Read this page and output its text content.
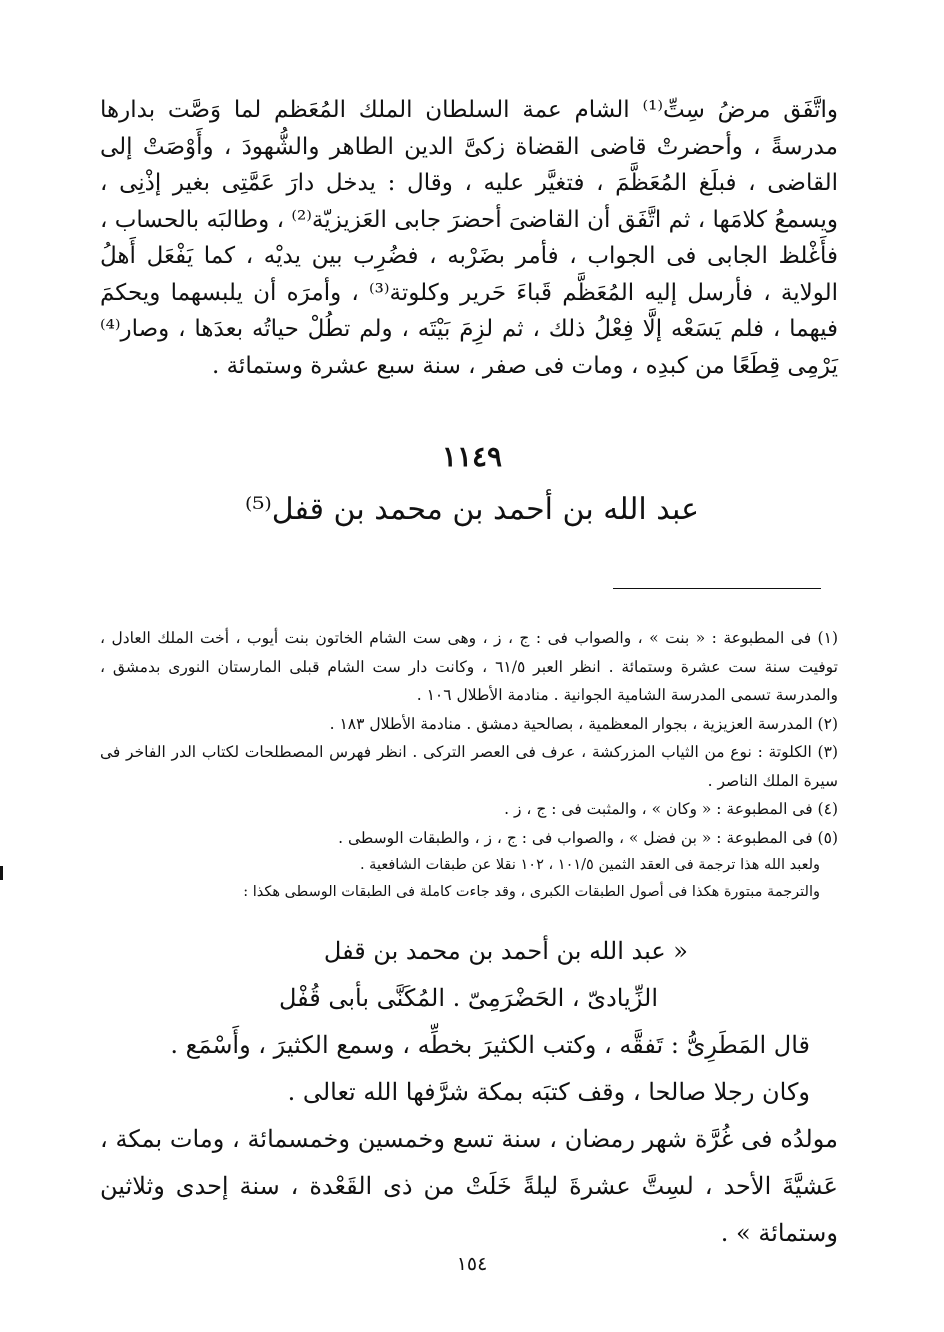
واتَّفَق مرضُ سِتِّ⁽¹⁾ الشام عمة السلطان الملك المُعَظم لما وَصَّت بدارها مدرسةً ، وأحضرتْ قاضى القضاة زكىَّ الدين الطاهر والشُّهودَ ، وأَوْصَتْ إلى القاضى ، فبلَغ المُعَظَّمَ ، فتغيَّر عليه ، وقال : يدخل دارَ عَمَّتِى بغير إذْنِى ، ويسمعُ كلامَها ، ثم اتَّفَق أن القاضىَ أحضرَ جابى العَزيزيّة⁽²⁾ ، وطالبَه بالحساب ، فأَغْلظ الجابى فى الجواب ، فأمر بضَرْبه ، فضُرِب بين يديْه ، كما يَفْعَل أَهلُ الولاية ، فأرسل إليه المُعَظَّم قَباءَ حَرير وكلوتة⁽³⁾ ، وأمرَه أن يلبسهما ويحكمَ فيهما ، فلم يَسَعْه إلَّا فِعْلُ ذلك ، ثم لزِمَ بَيْتَه ، ولم تطُلْ حياتُه بعدَها ، وصار⁽⁴⁾ يَرْمِى قِطَعًا من كبدِه ، ومات فى صفر ، سنة سبع عشرة وستمائة .

١١٤٩
عبد الله بن أحمد بن محمد بن قفل⁽⁵⁾

(١) فى المطبوعة : « بنت » ، والصواب فى : ج ، ز ، وهى ست الشام الخاتون بنت أيوب ، أخت الملك العادل ، توفيت سنة ست عشرة وستمائة . انظر العبر ٦١/٥ ، وكانت دار ست الشام قبلى المارستان النورى بدمشق ، والمدرسة تسمى المدرسة الشامية الجوانية . منادمة الأطلال ١٠٦ .

(٢) المدرسة العزيزية ، بجوار المعظمية ، بصالحية دمشق . منادمة الأطلال ١٨٣ .

(٣) الكلوتة : نوع من الثياب المزركشة ، عرف فى العصر التركى . انظر فهرس المصطلحات لكتاب الدر الفاخر فى سيرة الملك الناصر .

(٤) فى المطبوعة : « وكان » ، والمثبت فى : ج ، ز .

(٥) فى المطبوعة : « بن فضل » ، والصواب فى : ج ، ز ، والطبقات الوسطى .

ولعبد الله هذا ترجمة فى العقد الثمين ١٠١/٥ ، ١٠٢ نقلا عن طبقات الشافعية .

والترجمة مبتورة هكذا فى أصول الطبقات الكبرى ، وقد جاءت كاملة فى الطبقات الوسطى هكذا :

« عبد الله بن أحمد بن محمد بن قفل

الزِّيادىّ ، الحَضْرَمِىّ . المُكَنَّى بأبى قُفْل

قال المَطَرِىُّ : تَفقَّه ، وكتب الكثيرَ بخطِّه ، وسمع الكثيرَ ، وأَسْمَع .

وكان رجلا صالحا ، وقف كتبَه بمكة شرَّفها الله تعالى .

مولدُه فى غُرَّة شهر رمضان ، سنة تسع وخمسين وخمسمائة ، ومات بمكة ، عَشيَّةَ الأحد ، لسِتَّ عشرةَ ليلةً خَلَتْ من ذى القَعْدة ، سنة إحدى وثلاثين وستمائة » .

١٥٤
